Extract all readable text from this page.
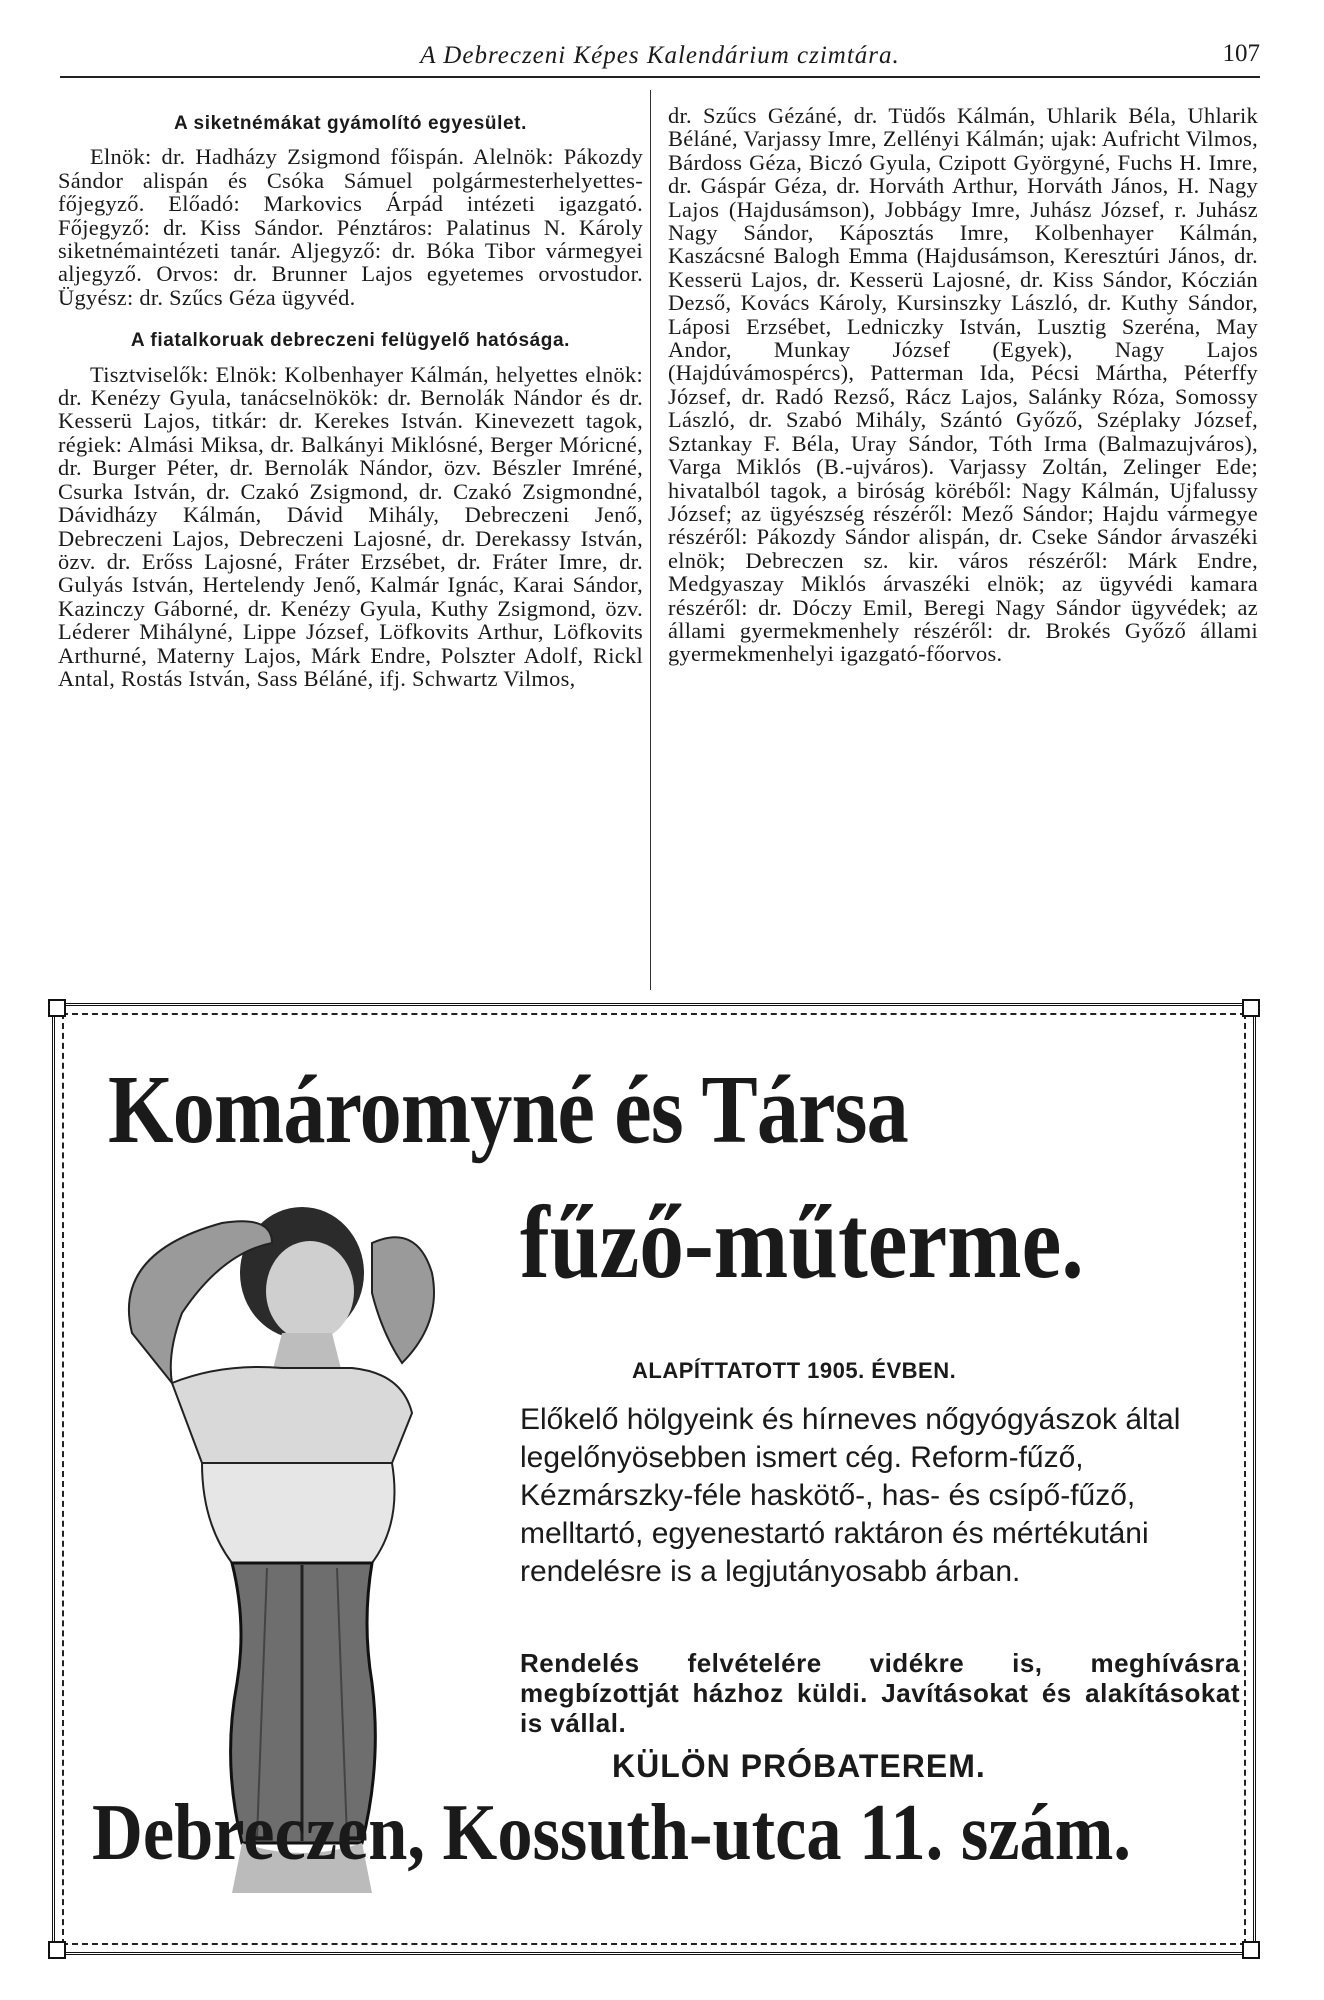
A Debreczeni Képes Kalendárium czimtára.	107
A siketnémákat gyámolító egyesület.

Elnök: dr. Hadházy Zsigmond főispán. Alelnök: Pákozdy Sándor alispán és Csóka Sámuel polgármesterhelyettes-főjegyző. Előadó: Markovics Árpád intézeti igazgató. Főjegyző: dr. Kiss Sándor. Pénztáros: Palatinus N. Károly siketnémaintézeti tanár. Aljegyző: dr. Bóka Tibor vármegyei aljegyző. Orvos: dr. Brunner Lajos egyetemes orvostudor. Ügyész: dr. Szűcs Géza ügyvéd.

A fiatalkoruak debreczeni felügyelő hatósága.

Tisztviselők: Elnök: Kolbenhayer Kálmán, helyettes elnök: dr. Kenézy Gyula, tanácselnökök: dr. Bernolák Nándor és dr. Kesserü Lajos, titkár: dr. Kerekes István. Kinevezett tagok, régiek: Almási Miksa, dr. Balkányi Miklósné, Berger Móricné, dr. Burger Péter, dr. Bernolák Nándor, özv. Bészler Imréné, Csurka István, dr. Czakó Zsigmond, dr. Czakó Zsigmondné, Dávidházy Kálmán, Dávid Mihály, Debreczeni Jenő, Debreczeni Lajos, Debreczeni Lajosné, dr. Derekassy István, özv. dr. Erőss Lajosné, Fráter Erzsébet, dr. Fráter Imre, dr. Gulyás István, Hertelendy Jenő, Kalmár Ignác, Karai Sándor, Kazinczy Gáborné, dr. Kenézy Gyula, Kuthy Zsigmond, özv. Léderer Mihályné, Lippe József, Löfkovits Arthur, Löfkovits Arthurné, Materny Lajos, Márk Endre, Polszter Adolf, Rickl Antal, Rostás István, Sass Béláné, ifj. Schwartz Vilmos,

dr. Szűcs Gézáné, dr. Tüdős Kálmán, Uhlarik Béla, Uhlarik Béláné, Varjassy Imre, Zellényi Kálmán; ujak: Aufricht Vilmos, Bárdoss Géza, Biczó Gyula, Czipott Györgyné, Fuchs H. Imre, dr. Gáspár Géza, dr. Horváth Arthur, Horváth János, H. Nagy Lajos (Hajdusámson), Jobbágy Imre, Juhász József, r. Juhász Nagy Sándor, Káposztás Imre, Kolbenhayer Kálmán, Kaszácsné Balogh Emma (Hajdusámson, Keresztúri János, dr. Kesserü Lajos, dr. Kesserü Lajosné, dr. Kiss Sándor, Kóczián Dezső, Kovács Károly, Kursinszky László, dr. Kuthy Sándor, Láposi Erzsébet, Ledniczky István, Lusztig Szeréna, May Andor, Munkay József (Egyek), Nagy Lajos (Hajdúvámospércs), Patterman Ida, Pécsi Mártha, Péterffy József, dr. Radó Rezső, Rácz Lajos, Salánky Róza, Somossy László, dr. Szabó Mihály, Szántó Győző, Széplaky József, Sztankay F. Béla, Uray Sándor, Tóth Irma (Balmazujváros), Varga Miklós (B.-ujváros). Varjassy Zoltán, Zelinger Ede; hivatalból tagok, a biróság köréből: Nagy Kálmán, Ujfalussy József; az ügyészség részéről: Mező Sándor; Hajdu vármegye részéről: Pákozdy Sándor alispán, dr. Cseke Sándor árvaszéki elnök; Debreczen sz. kir. város részéről: Márk Endre, Medgyaszay Miklós árvaszéki elnök; az ügyvédi kamara részéről: dr. Dóczy Emil, Beregi Nagy Sándor ügyvédek; az állami gyermekmenhely részéről: dr. Brokés Győző állami gyermekmenhelyi igazgató-főorvos.

Komáromyné és Társa
fűző-műterme.
ALAPÍTTATOTT 1905. ÉVBEN.
Előkelő hölgyeink és hírneves nőgyógyászok által legelőnyösebben ismert cég. Reform-fűző, Kézmárszky-féle haskötő-, has- és csípő-fűző, melltartó, egyenestartó raktáron és mértékutáni rendelésre is a legjutányosabb árban.
Rendelés felvételére vidékre is, meghívásra megbízottját házhoz küldi. Javításokat és alakításokat is vállal.
KÜLÖN PRÓBATEREM.
Debreczen, Kossuth-utca 11. szám.
